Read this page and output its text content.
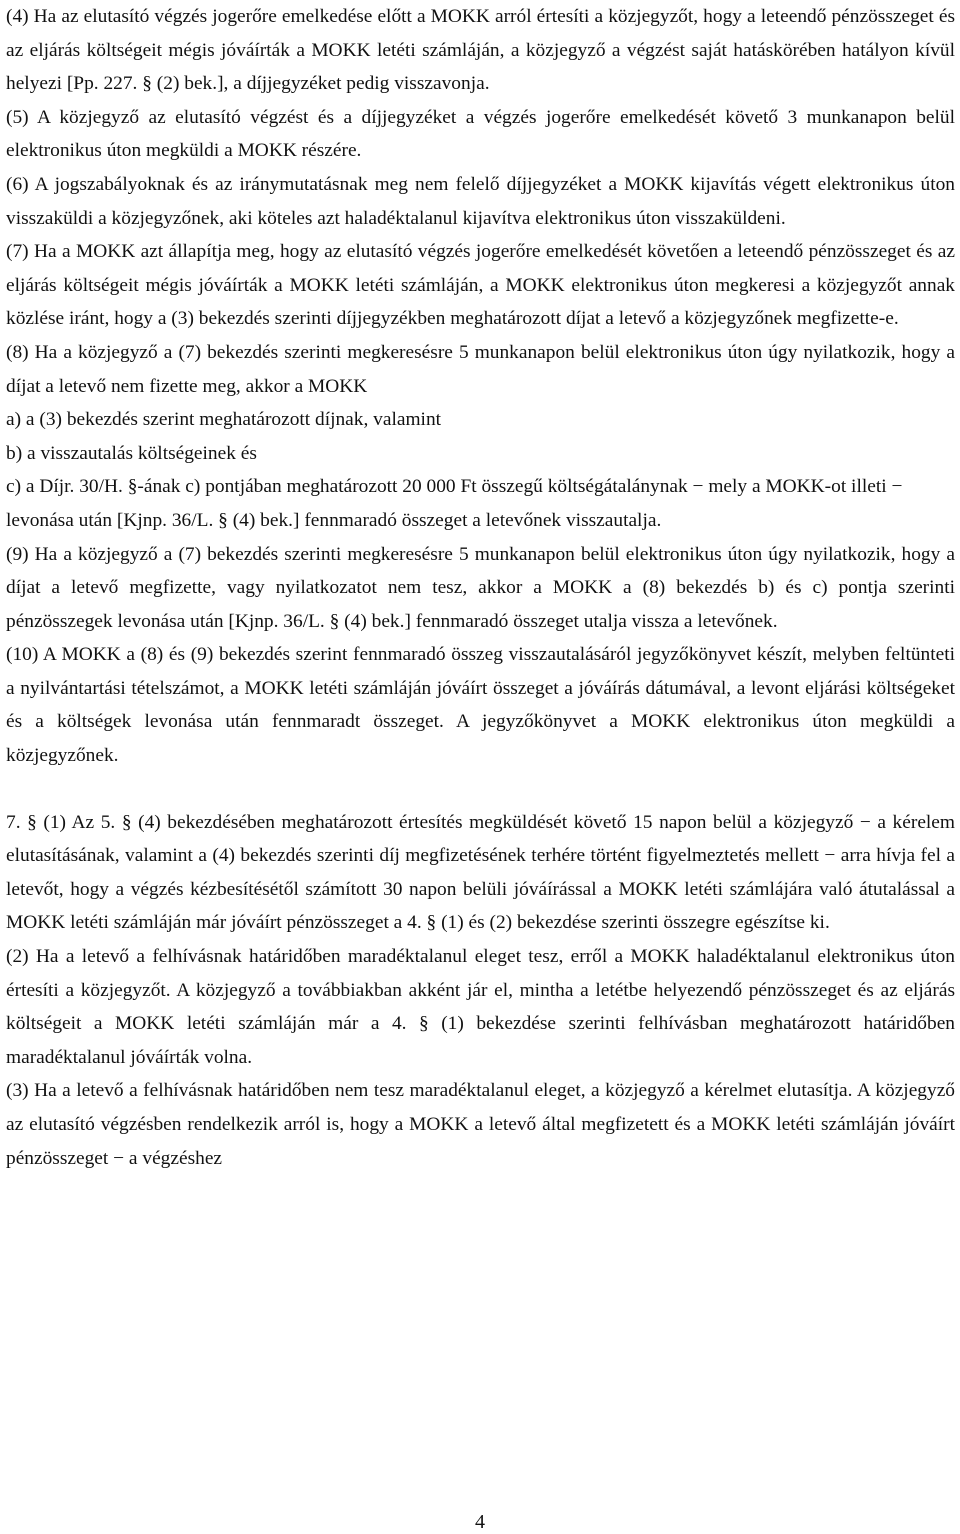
(4) Ha az elutasító végzés jogerőre emelkedése előtt a MOKK arról értesíti a közjegyzőt, hogy a leteendő pénzösszeget és az eljárás költségeit mégis jóváírták a MOKK letéti számláján, a közjegyző a végzést saját hatáskörében hatályon kívül helyezi [Pp. 227. § (2) bek.], a díjjegyzéket pedig visszavonja.

(5) A közjegyző az elutasító végzést és a díjjegyzéket a végzés jogerőre emelkedését követő 3 munkanapon belül elektronikus úton megküldi a MOKK részére.

(6) A jogszabályoknak és az iránymutatásnak meg nem felelő díjjegyzéket a MOKK kijavítás végett elektronikus úton visszaküldi a közjegyzőnek, aki köteles azt haladéktalanul kijavítva elektronikus úton visszaküldeni.

(7) Ha a MOKK azt állapítja meg, hogy az elutasító végzés jogerőre emelkedését követően a leteendő pénzösszeget és az eljárás költségeit mégis jóváírták a MOKK letéti számláján, a MOKK elektronikus úton megkeresi a közjegyzőt annak közlése iránt, hogy a (3) bekezdés szerinti díjjegyzékben meghatározott díjat a letevő a közjegyzőnek megfizette-e.

(8) Ha a közjegyző a (7) bekezdés szerinti megkeresésre 5 munkanapon belül elektronikus úton úgy nyilatkozik, hogy a díjat a letevő nem fizette meg, akkor a MOKK

a) a (3) bekezdés szerint meghatározott díjnak, valamint

b) a visszautalás költségeinek és

c) a Díjr. 30/H. §-ának c) pontjában meghatározott 20 000 Ft összegű költségátalánynak − mely a MOKK-ot illeti −

levonása után [Kjnp. 36/L. § (4) bek.] fennmaradó összeget a letevőnek visszautalja.

(9) Ha a közjegyző a (7) bekezdés szerinti megkeresésre 5 munkanapon belül elektronikus úton úgy nyilatkozik, hogy a díjat a letevő megfizette, vagy nyilatkozatot nem tesz, akkor a MOKK a (8) bekezdés b) és c) pontja szerinti pénzösszegek levonása után [Kjnp. 36/L. § (4) bek.] fennmaradó összeget utalja vissza a letevőnek.

(10) A MOKK a (8) és (9) bekezdés szerint fennmaradó összeg visszautalásáról jegyzőkönyvet készít, melyben feltünteti a nyilvántartási tételszámot, a MOKK letéti számláján jóváírt összeget a jóváírás dátumával, a levont eljárási költségeket és a költségek levonása után fennmaradt összeget. A jegyzőkönyvet a MOKK elektronikus úton megküldi a közjegyzőnek.

7. § (1) Az 5. § (4) bekezdésében meghatározott értesítés megküldését követő 15 napon belül a közjegyző − a kérelem elutasításának, valamint a (4) bekezdés szerinti díj megfizetésének terhére történt figyelmeztetés mellett − arra hívja fel a letevőt, hogy a végzés kézbesítésétől számított 30 napon belüli jóváírással a MOKK letéti számlájára való átutalással a MOKK letéti számláján már jóváírt pénzösszeget a 4. § (1) és (2) bekezdése szerinti összegre egészítse ki.

(2) Ha a letevő a felhívásnak határidőben maradéktalanul eleget tesz, erről a MOKK haladéktalanul elektronikus úton értesíti a közjegyzőt. A közjegyző a továbbiakban akként jár el, mintha a letétbe helyezendő pénzösszeget és az eljárás költségeit a MOKK letéti számláján már a 4. § (1) bekezdése szerinti felhívásban meghatározott határidőben maradéktalanul jóváírták volna.

(3) Ha a letevő a felhívásnak határidőben nem tesz maradéktalanul eleget, a közjegyző a kérelmet elutasítja. A közjegyző az elutasító végzésben rendelkezik arról is, hogy a MOKK a letevő által megfizetett és a MOKK letéti számláján jóváírt pénzösszeget − a végzéshez

4
